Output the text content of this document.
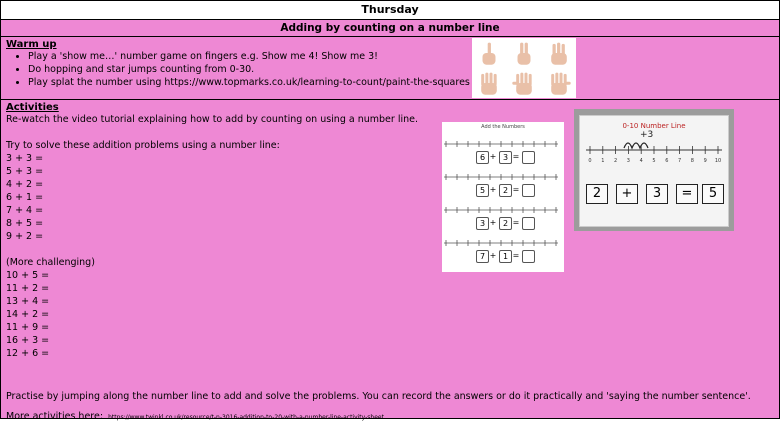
Thursday
Adding by counting on a number line
Warm up
• Play a 'show me…' number game on fingers e.g. Show me 4! Show me 3!
• Do hopping and star jumps counting from 0-30.
• Play splat the number using https://www.topmarks.co.uk/learning-to-count/paint-the-squares
Activities
Re-watch the video tutorial explaining how to add by counting on using a number line.
Try to solve these addition problems using a number line:
3 + 3 =
5 + 3 =
4 + 2 =
6 + 1 =
7 + 4 =
8 + 5 =
9 + 2 =
(More challenging)
10 + 5 =
11 + 2 =
13 + 4 =
14 + 2 =
11 + 9 =
16 + 3 =
12 + 6 =
Practise by jumping along the number line to add and solve the problems. You can record the answers or do it practically and 'saying the number sentence'.
More activities here: https://www.twinkl.co.uk/resource/t-n-3016-addition-to-20-with-a-number-line-activity-sheet
Add the Numbers
6 + 3 =
5 + 2 =
3 + 2 =
7 + 1 =
0-10 Number Line
+3
0 1 2 3 4 5 6 7 8 9 10
2	+	3	=	5
